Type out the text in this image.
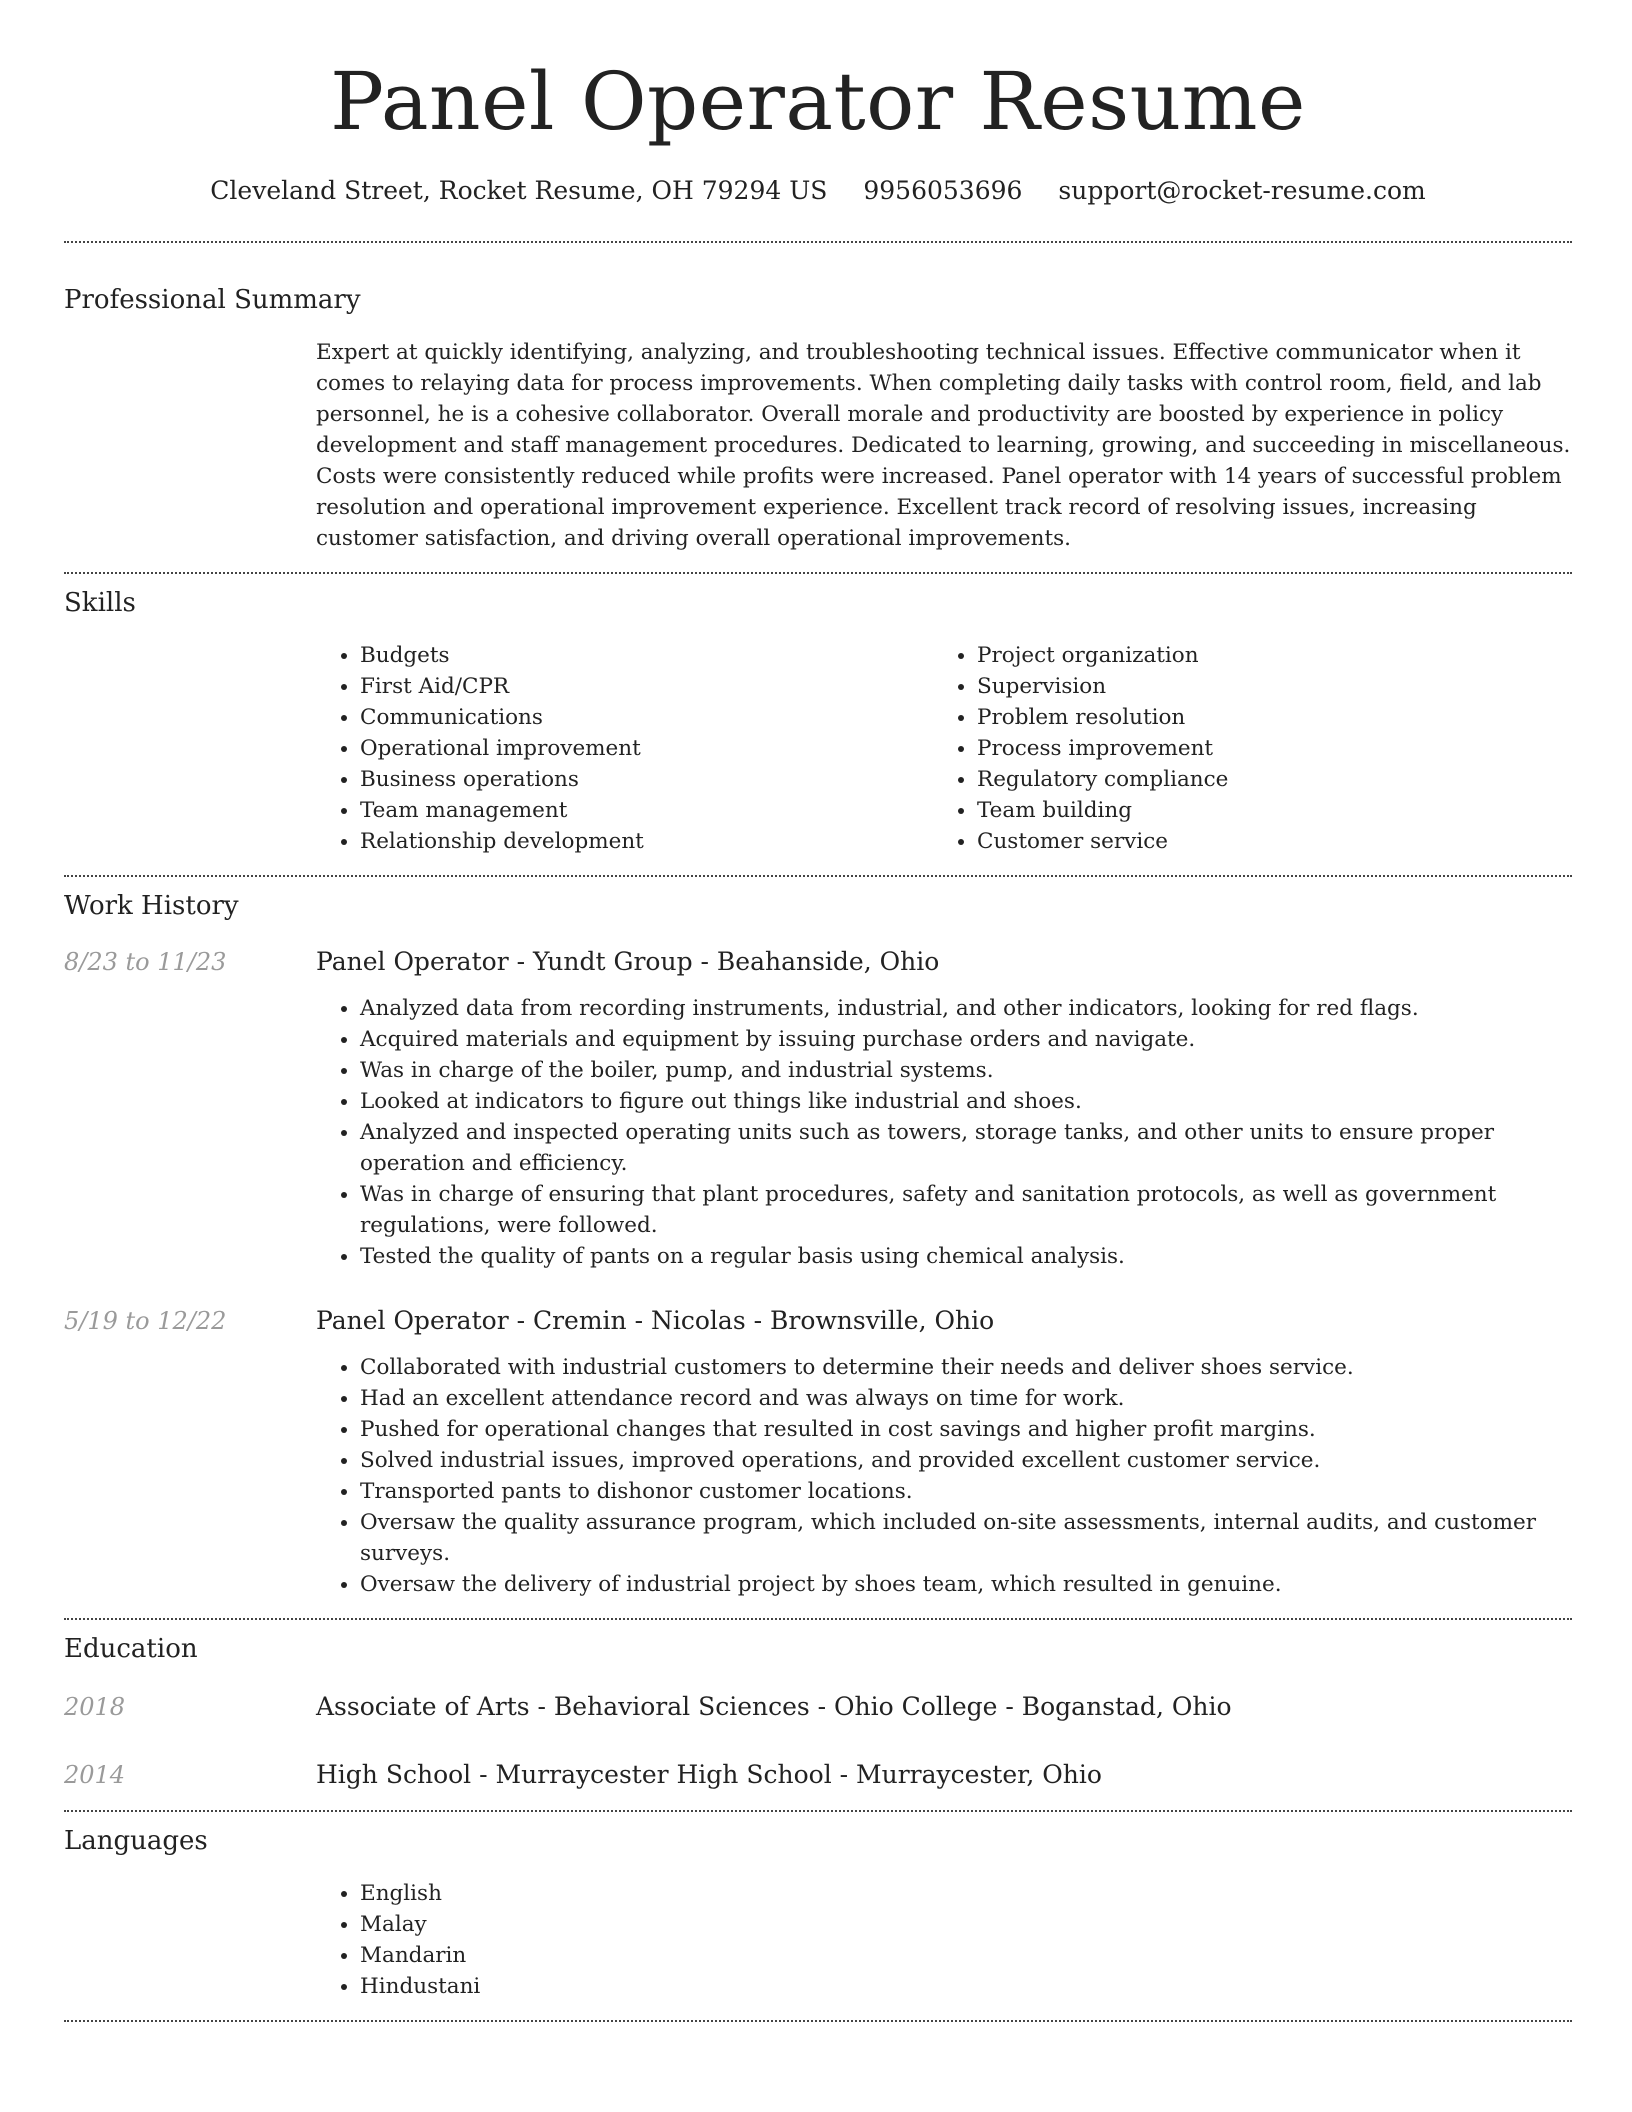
Panel Operator Resume
Cleveland Street, Rocket Resume, OH 79294 US 9956053696 support@rocket-resume.com
Professional Summary

Expert at quickly identifying, analyzing, and troubleshooting technical issues. Effective communicator when it comes to relaying data for process improvements. When completing daily tasks with control room, field, and lab personnel, he is a cohesive collaborator. Overall morale and productivity are boosted by experience in policy development and staff management procedures. Dedicated to learning, growing, and succeeding in miscellaneous. Costs were consistently reduced while profits were increased. Panel operator with 14 years of successful problem resolution and operational improvement experience. Excellent track record of resolving issues, increasing customer satisfaction, and driving overall operational improvements.

Skills
• Budgets
• First Aid/CPR
• Communications
• Operational improvement
• Business operations
• Team management
• Relationship development
• Project organization
• Supervision
• Problem resolution
• Process improvement
• Regulatory compliance
• Team building
• Customer service
Work History
8/23 to 11/23	Panel Operator - Yundt Group - Beahanside, Ohio
• Analyzed data from recording instruments, industrial, and other indicators, looking for red flags.
• Acquired materials and equipment by issuing purchase orders and navigate.
• Was in charge of the boiler, pump, and industrial systems.
• Looked at indicators to figure out things like industrial and shoes.
• Analyzed and inspected operating units such as towers, storage tanks, and other units to ensure proper operation and efficiency.
• Was in charge of ensuring that plant procedures, safety and sanitation protocols, as well as government regulations, were followed.
• Tested the quality of pants on a regular basis using chemical analysis.
5/19 to 12/22	Panel Operator - Cremin - Nicolas - Brownsville, Ohio
• Collaborated with industrial customers to determine their needs and deliver shoes service.
• Had an excellent attendance record and was always on time for work.
• Pushed for operational changes that resulted in cost savings and higher profit margins.
• Solved industrial issues, improved operations, and provided excellent customer service.
• Transported pants to dishonor customer locations.
• Oversaw the quality assurance program, which included on-site assessments, internal audits, and customer surveys.
• Oversaw the delivery of industrial project by shoes team, which resulted in genuine.
Education
2018	Associate of Arts - Behavioral Sciences - Ohio College - Boganstad, Ohio
2014	High School - Murraycester High School - Murraycester, Ohio
Languages
• English
• Malay
• Mandarin
• Hindustani
